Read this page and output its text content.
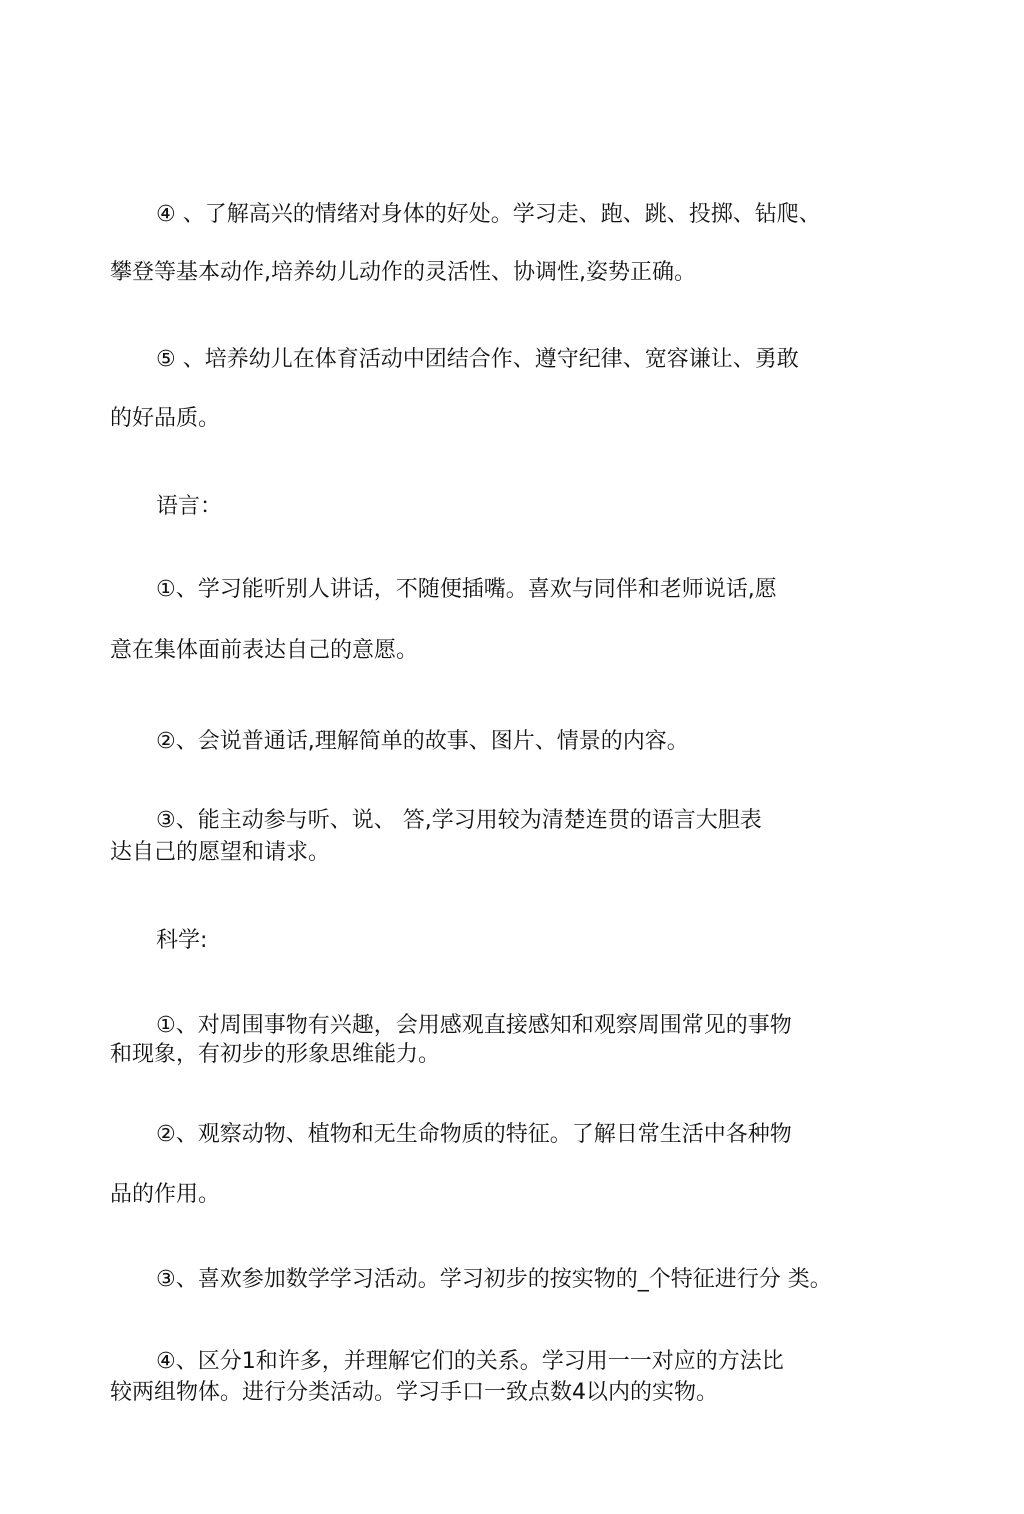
④ 、了解高兴的情绪对身体的好处。学习走、跑、跳、投掷、钻爬、
攀登等基本动作,培养幼儿动作的灵活性、协调性,姿势正确。
⑤ 、培养幼儿在体育活动中团结合作、遵守纪律、宽容谦让、勇敢
的好品质。
语言：
①、学习能听别人讲话，不随便插嘴。喜欢与同伴和老师说话,愿
意在集体面前表达自己的意愿。
②、会说普通话,理解简单的故事、图片、情景的内容。
③、能主动参与听、说、 答,学习用较为清楚连贯的语言大胆表
达自己的愿望和请求。
科学:
①、对周围事物有兴趣，会用感观直接感知和观察周围常见的事物
和现象，有初步的形象思维能力。
②、观察动物、植物和无生命物质的特征。了解日常生活中各种物
品的作用。
③、喜欢参加数学学习活动。学习初步的按实物的_个特征进行分 类。
④、区分1和许多，并理解它们的关系。学习用一一对应的方法比
较两组物体。进行分类活动。学习手口一致点数4以内的实物。
